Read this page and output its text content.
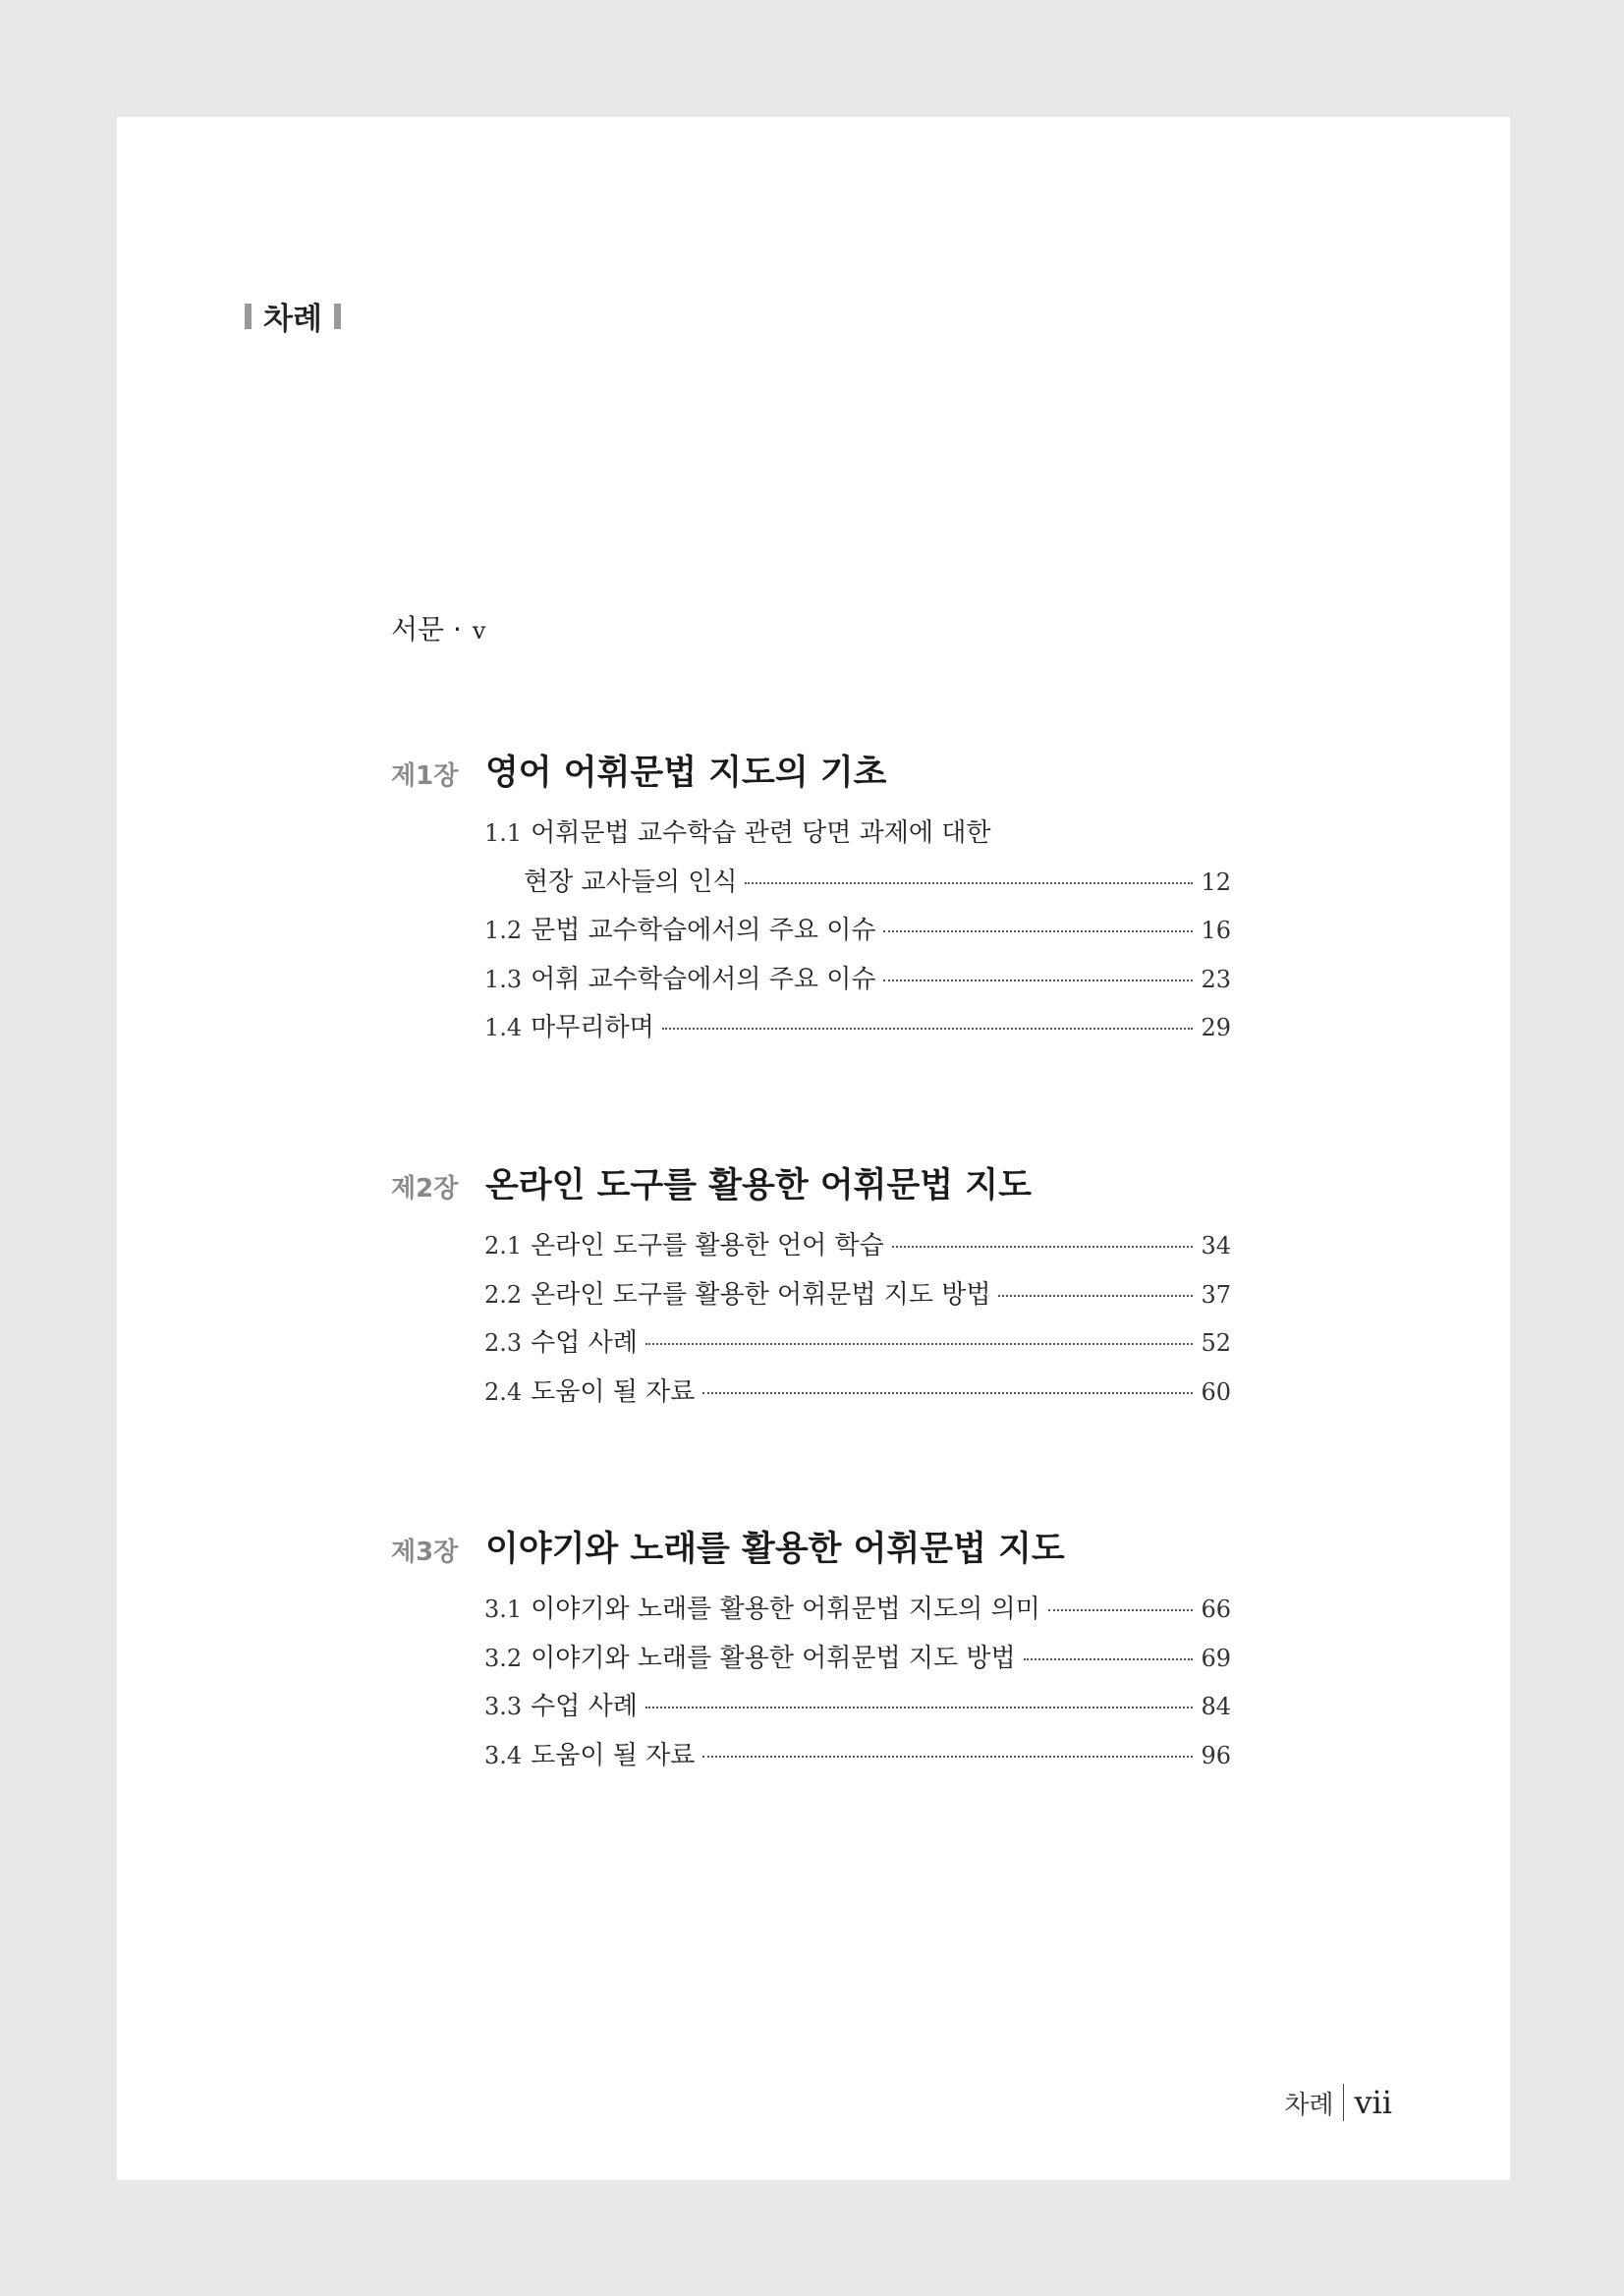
차례
서문 · v
제1장 영어 어휘문법 지도의 기초
1.1 어휘문법 교수학습 관련 당면 과제에 대한
현장 교사들의 인식	12
1.2 문법 교수학습에서의 주요 이슈	16
1.3 어휘 교수학습에서의 주요 이슈	23
1.4 마무리하며	29
제2장 온라인 도구를 활용한 어휘문법 지도
2.1 온라인 도구를 활용한 언어 학습	34
2.2 온라인 도구를 활용한 어휘문법 지도 방법	37
2.3 수업 사례	52
2.4 도움이 될 자료	60
제3장 이야기와 노래를 활용한 어휘문법 지도
3.1 이야기와 노래를 활용한 어휘문법 지도의 의미	66
3.2 이야기와 노래를 활용한 어휘문법 지도 방법	69
3.3 수업 사례	84
3.4 도움이 될 자료	96
차례 vii
